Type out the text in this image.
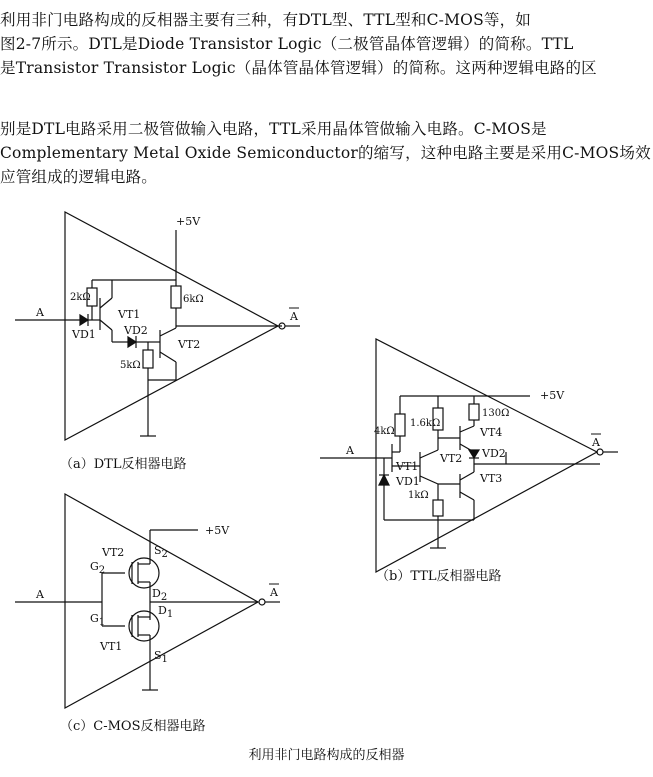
利用非门电路构成的反相器主要有三种，有DTL型、TTL型和C-MOS等，如
图2-7所示。DTL是Diode Transistor Logic（二极管晶体管逻辑）的简称。TTL
是Transistor Transistor Logic（晶体管晶体管逻辑）的简称。这两种逻辑电路的区
别是DTL电路采用二极管做输入电路，TTL采用晶体管做输入电路。C-MOS是
Complementary Metal Oxide Semiconductor的缩写，这种电路主要是采用C-MOS场效
应管组成的逻辑电路。
+5V
A	A
2kΩ	6kΩ
5kΩ
VD1
VT1
VD2
VT2
（a）DTL反相器电路
+5V
A
A
4kΩ
1.6kΩ
130Ω
1kΩ
VT1
VT2
VT3
VT4
VD1
VD2
（b）TTL反相器电路
+5V
A	A
VT2
VT1
G2
G1
S2
S1
D2
D1
（c）C-MOS反相器电路
利用非门电路构成的反相器
